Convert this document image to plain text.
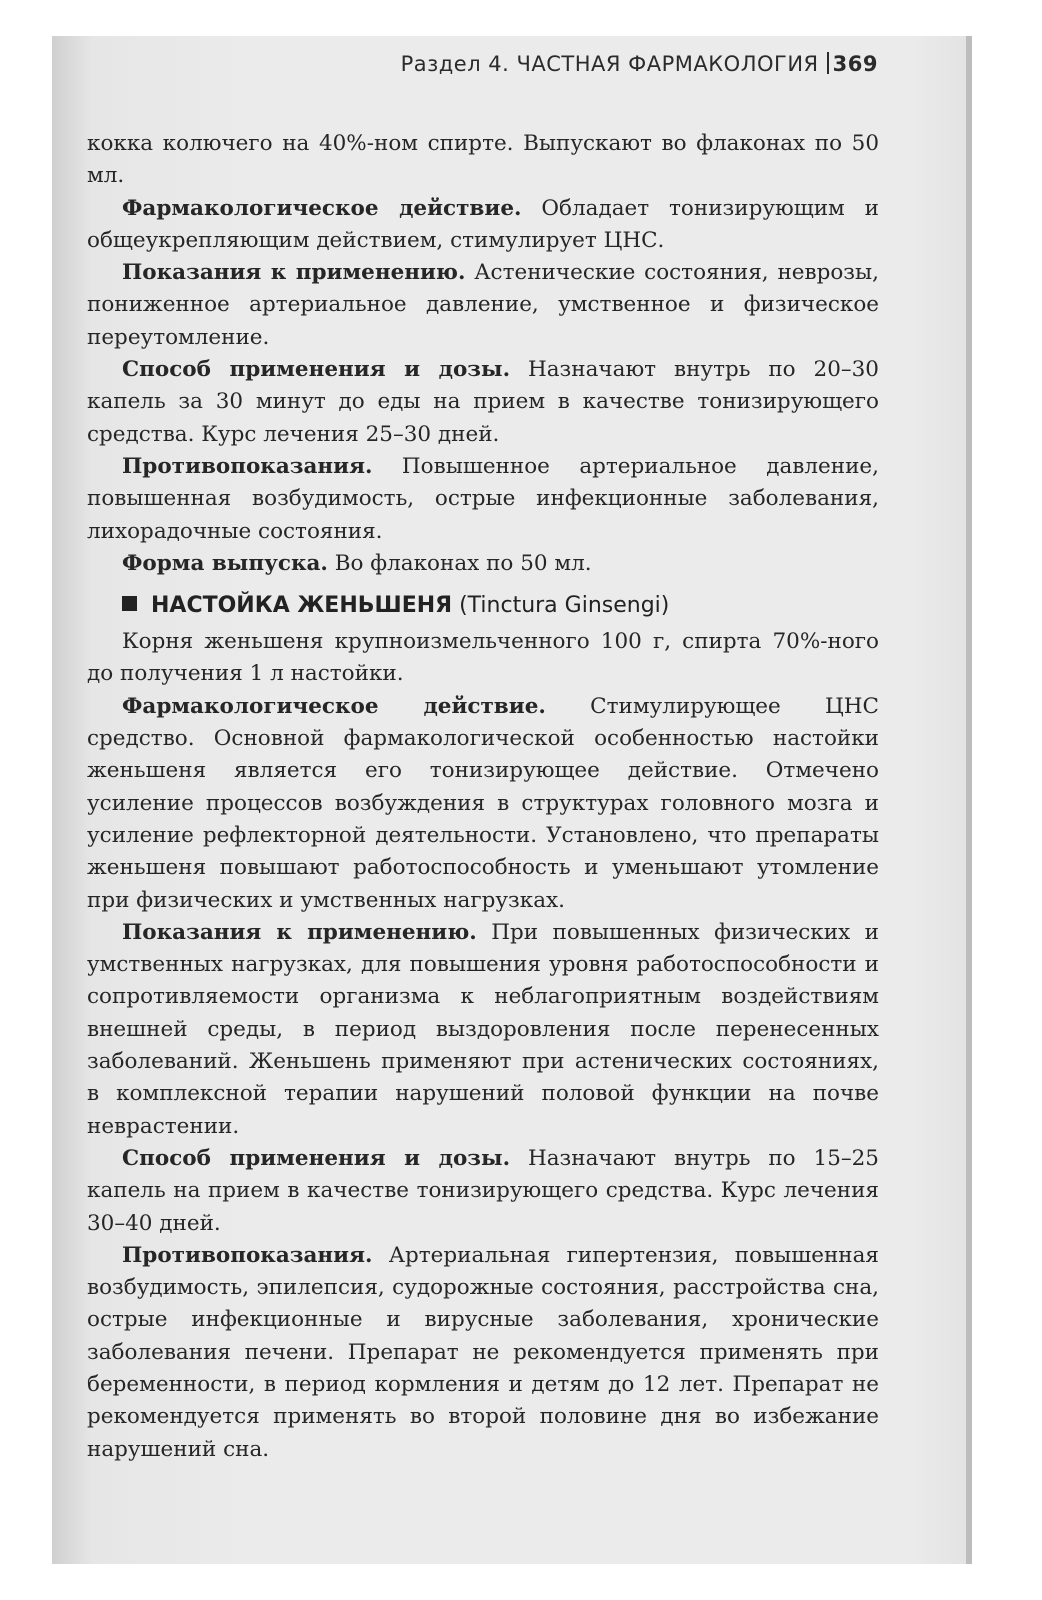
Раздел 4. ЧАСТНАЯ ФАРМАКОЛОГИЯ 369

кокка колючего на 40%-ном спирте. Выпускают во флаконах по 50 мл.

Фармакологическое действие. Обладает тонизирующим и общеукрепляющим действием, стимулирует ЦНС.

Показания к применению. Астенические состояния, неврозы, пониженное артериальное давление, умственное и физическое переутомление.

Способ применения и дозы. Назначают внутрь по 20–30 капель за 30 минут до еды на прием в качестве тонизирующего средства. Курс лечения 25–30 дней.

Противопоказания. Повышенное артериальное давление, повышенная возбудимость, острые инфекционные заболевания, лихорадочные состояния.

Форма выпуска. Во флаконах по 50 мл.

НАСТОЙКА ЖЕНЬШЕНЯ (Tinctura Ginsengi)

Корня женьшеня крупноизмельченного 100 г, спирта 70%-ного до получения 1 л настойки.

Фармакологическое действие. Стимулирующее ЦНС средство. Основной фармакологической особенностью настойки женьшеня является его тонизирующее действие. Отмечено усиление процессов возбуждения в структурах головного мозга и усиление рефлекторной деятельности. Установлено, что препараты женьшеня повышают работоспособность и уменьшают утомление при физических и умственных нагрузках.

Показания к применению. При повышенных физических и умственных нагрузках, для повышения уровня работоспособности и сопротивляемости организма к неблагоприятным воздействиям внешней среды, в период выздоровления после перенесенных заболеваний. Женьшень применяют при астенических состояниях, в комплексной терапии нарушений половой функции на почве неврастении.

Способ применения и дозы. Назначают внутрь по 15–25 капель на прием в качестве тонизирующего средства. Курс лечения 30–40 дней.

Противопоказания. Артериальная гипертензия, повышенная возбудимость, эпилепсия, судорожные состояния, расстройства сна, острые инфекционные и вирусные заболевания, хронические заболевания печени. Препарат не рекомендуется применять при беременности, в период кормления и детям до 12 лет. Препарат не рекомендуется применять во второй половине дня во избежание нарушений сна.
